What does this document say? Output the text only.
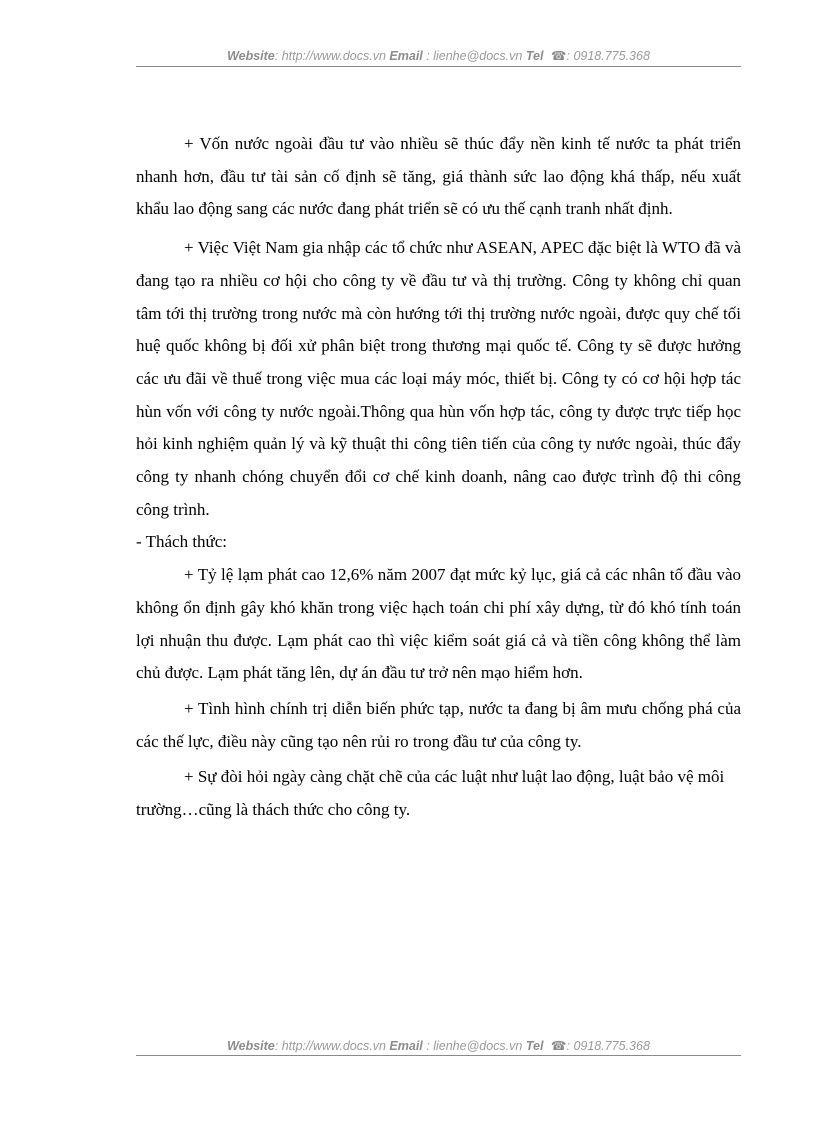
Website: http://www.docs.vn Email : lienhe@docs.vn Tel ☎: 0918.775.368

+ Vốn nước ngoài đầu tư vào nhiều sẽ thúc đẩy nền kinh tế nước ta phát triển nhanh hơn, đầu tư tài sản cố định sẽ tăng, giá thành sức lao động khá thấp, nếu xuất khẩu lao động sang các nước đang phát triển sẽ có ưu thế cạnh tranh nhất định.

+ Việc Việt Nam gia nhập các tổ chức như ASEAN, APEC đặc biệt là WTO đã và đang tạo ra nhiều cơ hội cho công ty về đầu tư và thị trường. Công ty không chỉ quan tâm tới thị trường trong nước mà còn hướng tới thị trường nước ngoài, được quy chế tối huệ quốc không bị đối xử phân biệt trong thương mại quốc tế. Công ty sẽ được hưởng các ưu đãi về thuế trong việc mua các loại máy móc, thiết bị. Công ty có cơ hội hợp tác hùn vốn với công ty nước ngoài.Thông qua hùn vốn hợp tác, công ty được trực tiếp học hỏi kinh nghiệm quản lý và kỹ thuật thi công tiên tiến của công ty nước ngoài, thúc đẩy công ty nhanh chóng chuyển đổi cơ chế kinh doanh, nâng cao được trình độ thi công công trình.

- Thách thức:

+ Tỷ lệ lạm phát cao 12,6% năm 2007 đạt mức kỷ lục, giá cả các nhân tố đầu vào không ổn định gây khó khăn trong việc hạch toán chi phí xây dựng, từ đó khó tính toán lợi nhuận thu được. Lạm phát cao thì việc kiểm soát giá cả và tiền công không thể làm chủ được. Lạm phát tăng lên, dự án đầu tư trở nên mạo hiểm hơn.

+ Tình hình chính trị diễn biến phức tạp, nước ta đang bị âm mưu chống phá của các thế lực, điều này cũng tạo nên rủi ro trong đầu tư của công ty.

+ Sự đòi hỏi ngày càng chặt chẽ của các luật như luật lao động, luật bảo vệ môi

trường…cũng là thách thức cho công ty.

Website: http://www.docs.vn Email : lienhe@docs.vn Tel ☎: 0918.775.368
